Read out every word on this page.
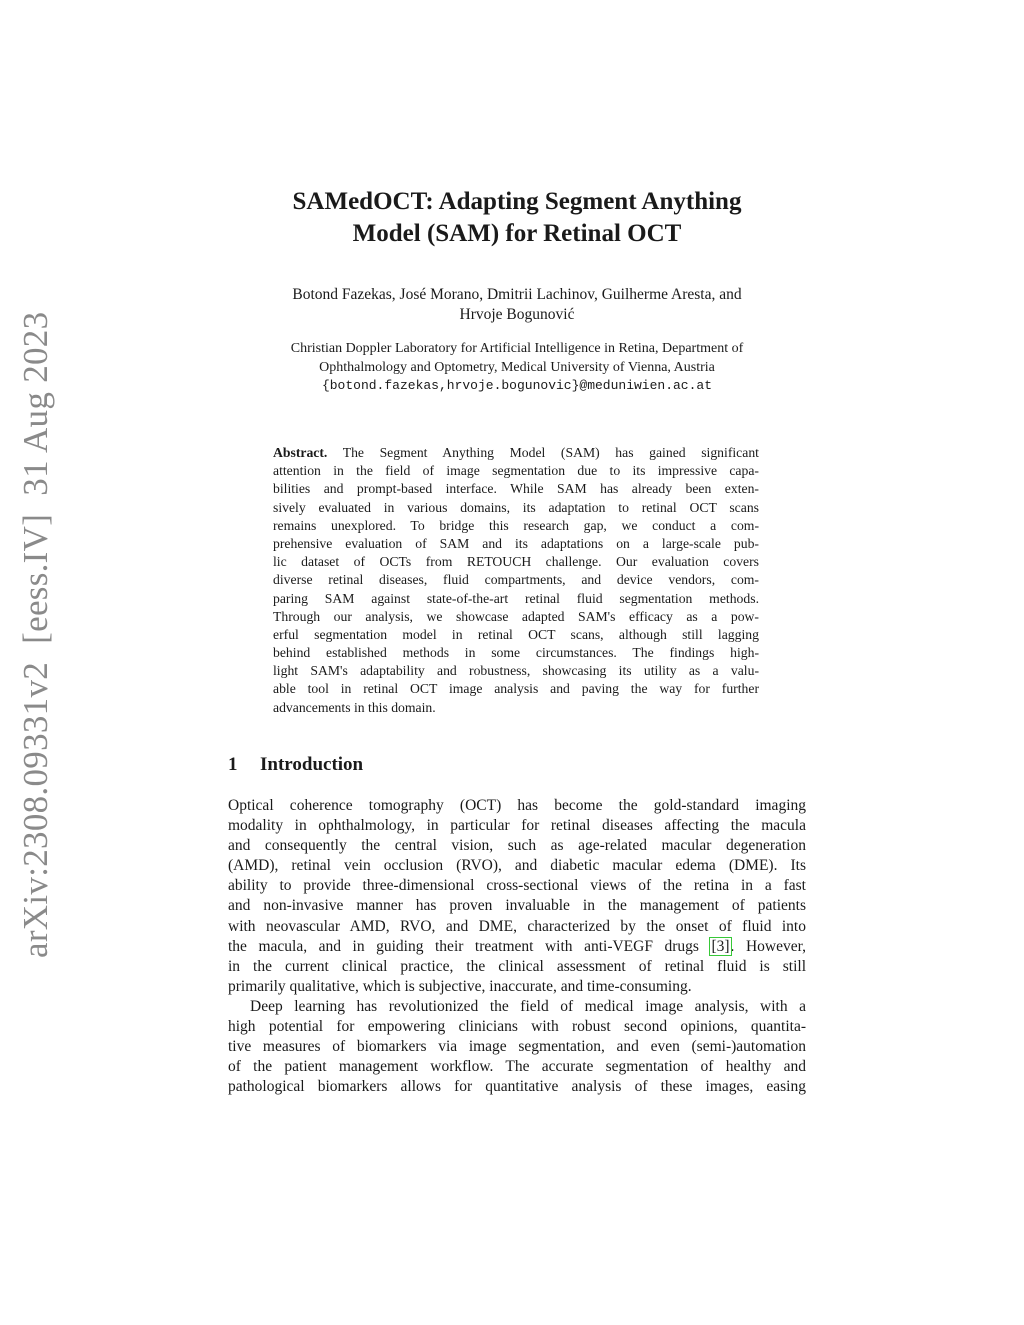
arXiv:2308.09331v2  [eess.IV]  31 Aug 2023
SAMedOCT: Adapting Segment Anything
Model (SAM) for Retinal OCT
Botond Fazekas, José Morano, Dmitrii Lachinov, Guilherme Aresta, and
Hrvoje Bogunović
Christian Doppler Laboratory for Artificial Intelligence in Retina, Department of
Ophthalmology and Optometry, Medical University of Vienna, Austria
{botond.fazekas,hrvoje.bogunovic}@meduniwien.ac.at
Abstract. The Segment Anything Model (SAM) has gained significant
attention in the field of image segmentation due to its impressive capa-
bilities and prompt-based interface. While SAM has already been exten-
sively evaluated in various domains, its adaptation to retinal OCT scans
remains unexplored. To bridge this research gap, we conduct a com-
prehensive evaluation of SAM and its adaptations on a large-scale pub-
lic dataset of OCTs from RETOUCH challenge. Our evaluation covers
diverse retinal diseases, fluid compartments, and device vendors, com-
paring SAM against state-of-the-art retinal fluid segmentation methods.
Through our analysis, we showcase adapted SAM's efficacy as a pow-
erful segmentation model in retinal OCT scans, although still lagging
behind established methods in some circumstances. The findings high-
light SAM's adaptability and robustness, showcasing its utility as a valu-
able tool in retinal OCT image analysis and paving the way for further
advancements in this domain.
1 Introduction
Optical coherence tomography (OCT) has become the gold-standard imaging
modality in ophthalmology, in particular for retinal diseases affecting the macula
and consequently the central vision, such as age-related macular degeneration
(AMD), retinal vein occlusion (RVO), and diabetic macular edema (DME). Its
ability to provide three-dimensional cross-sectional views of the retina in a fast
and non-invasive manner has proven invaluable in the management of patients
with neovascular AMD, RVO, and DME, characterized by the onset of fluid into
the macula, and in guiding their treatment with anti-VEGF drugs [3]. However,
in the current clinical practice, the clinical assessment of retinal fluid is still
primarily qualitative, which is subjective, inaccurate, and time-consuming.
Deep learning has revolutionized the field of medical image analysis, with a
high potential for empowering clinicians with robust second opinions, quantita-
tive measures of biomarkers via image segmentation, and even (semi-)automation
of the patient management workflow. The accurate segmentation of healthy and
pathological biomarkers allows for quantitative analysis of these images, easing
